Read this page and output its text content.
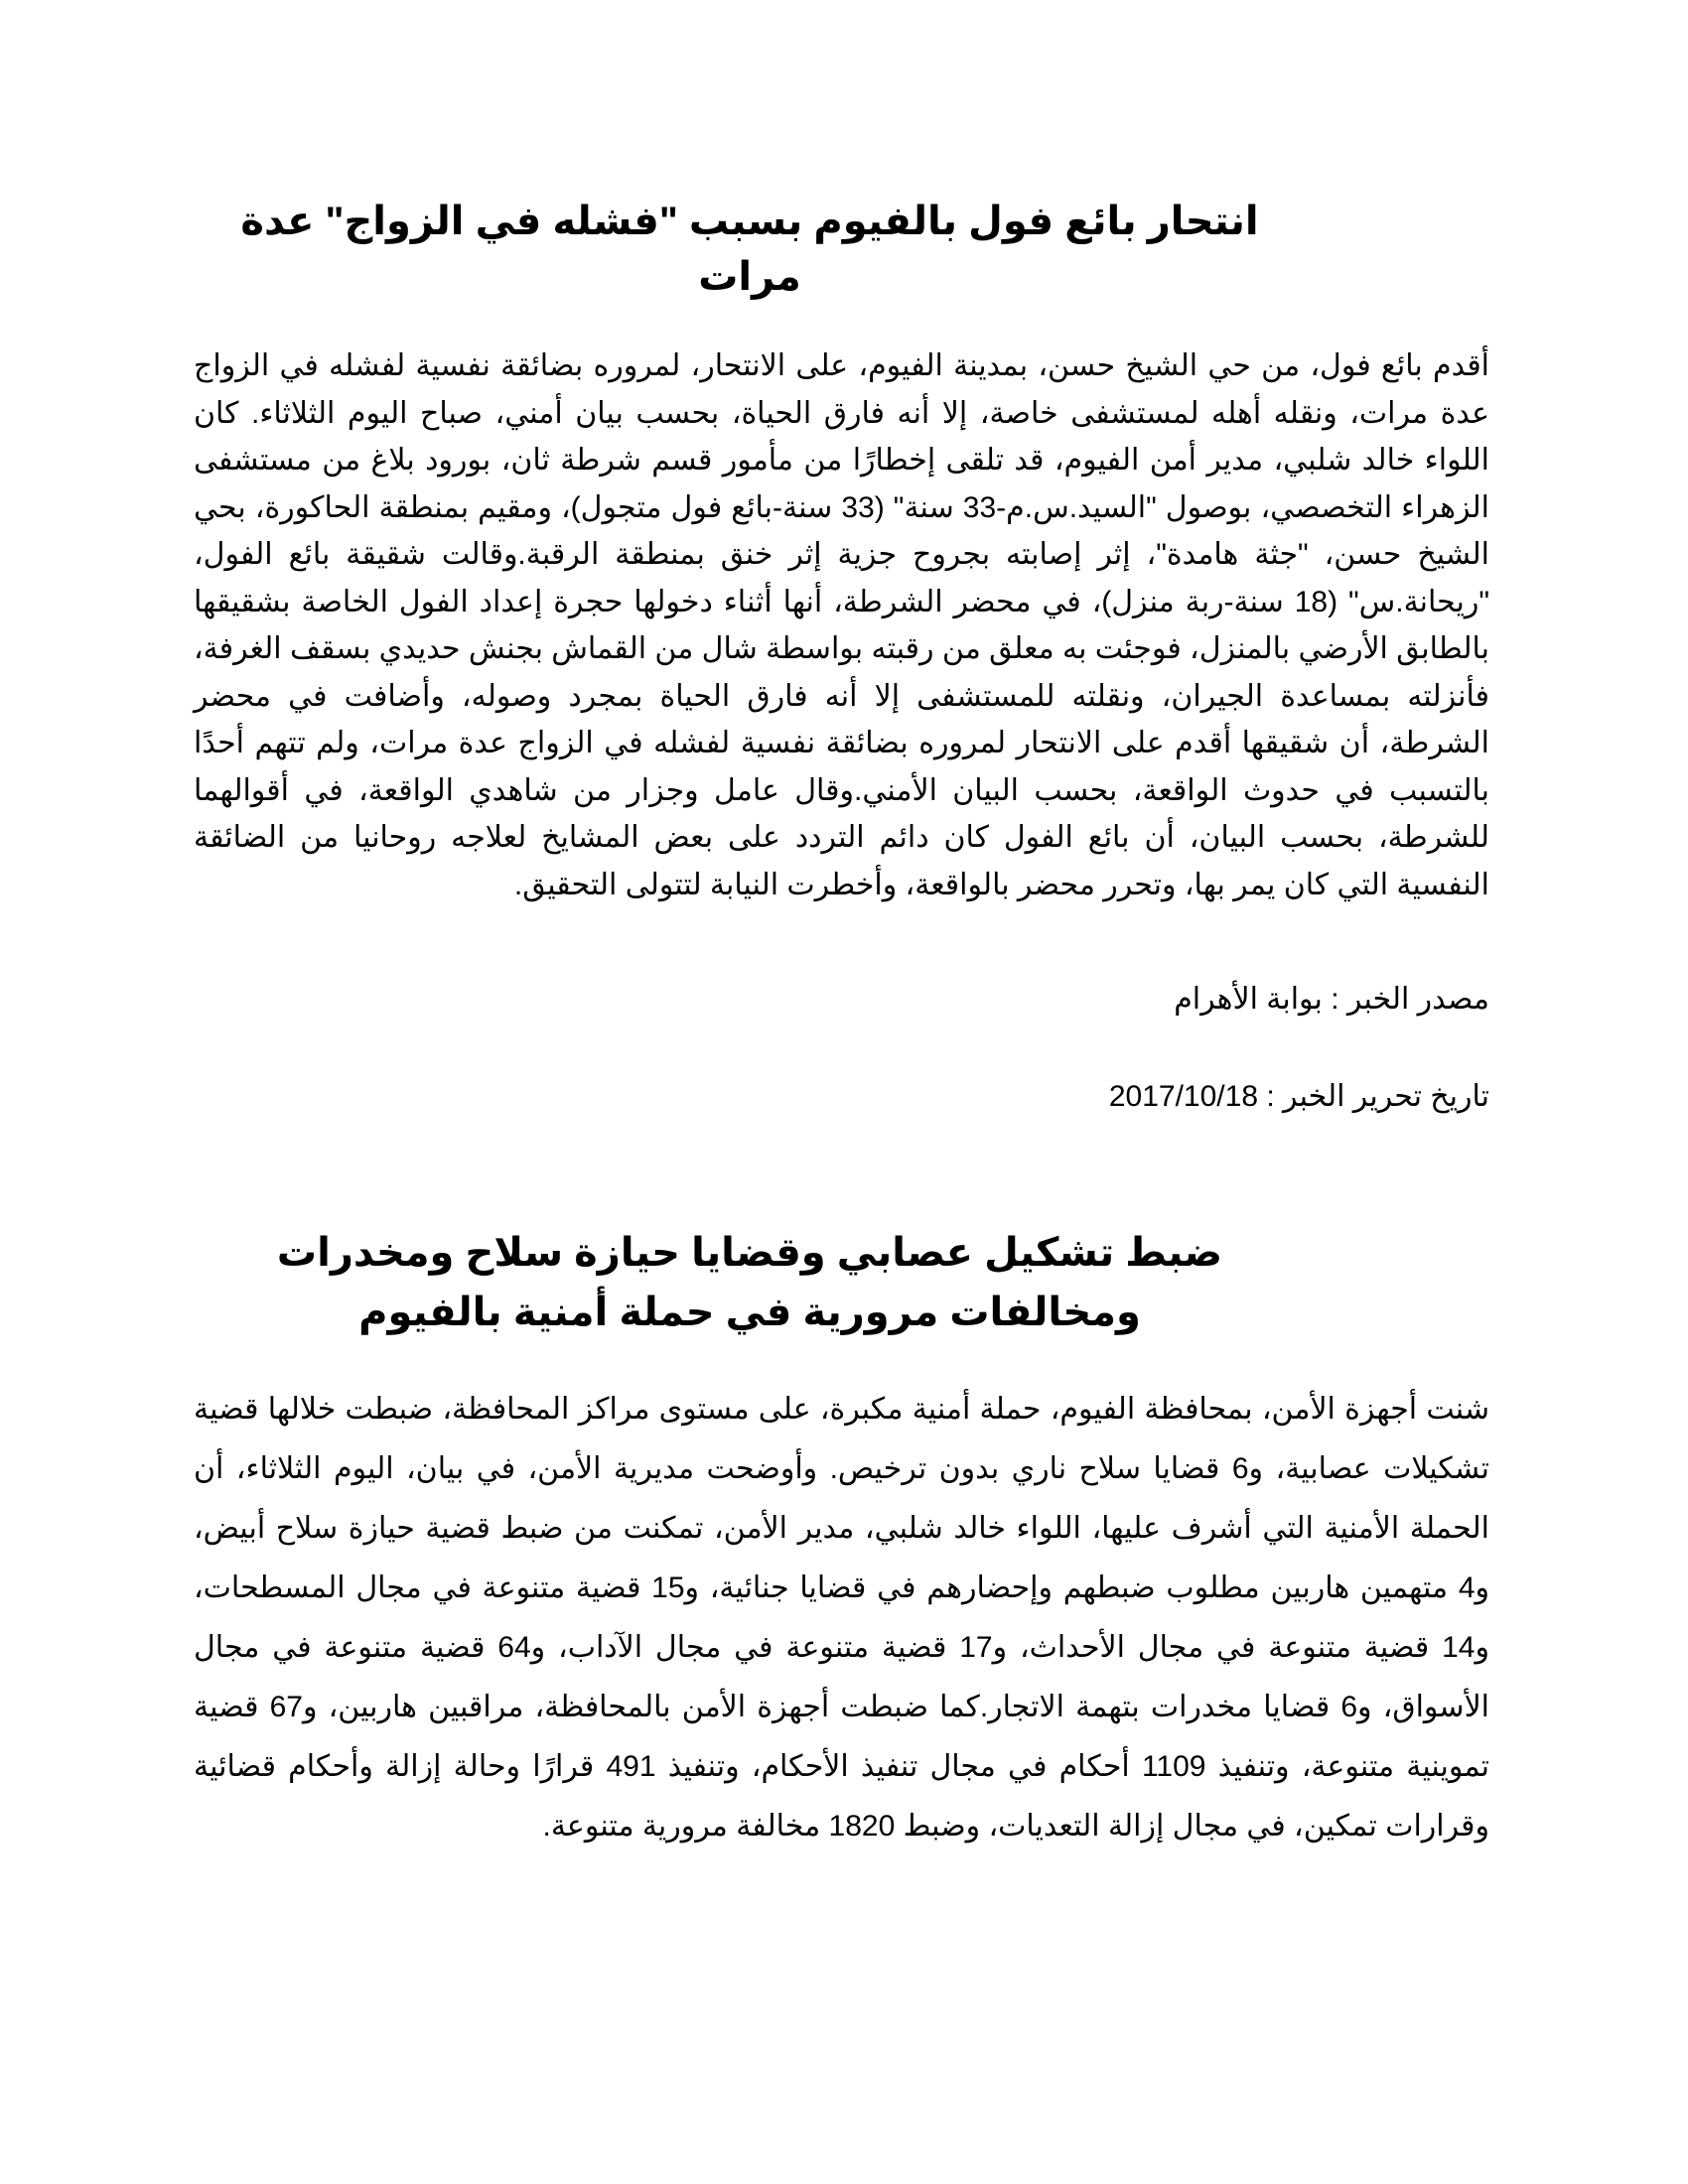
انتحار بائع فول بالفيوم بسبب "فشله في الزواج" عدة مرات

أقدم بائع فول، من حي الشيخ حسن، بمدينة الفيوم، على الانتحار، لمروره بضائقة نفسية لفشله في الزواج عدة مرات، ونقله أهله لمستشفى خاصة، إلا أنه فارق الحياة، بحسب بيان أمني، صباح اليوم الثلاثاء. كان اللواء خالد شلبي، مدير أمن الفيوم، قد تلقى إخطارًا من مأمور قسم شرطة ثان، بورود بلاغ من مستشفى الزهراء التخصصي، بوصول "السيد.س.م-33 سنة" (33 سنة-بائع فول متجول)، ومقيم بمنطقة الحاكورة، بحي الشيخ حسن، "جثة هامدة"، إثر إصابته بجروح جزية إثر خنق بمنطقة الرقبة.وقالت شقيقة بائع الفول، "ريحانة.س" (18 سنة-ربة منزل)، في محضر الشرطة، أنها أثناء دخولها حجرة إعداد الفول الخاصة بشقيقها بالطابق الأرضي بالمنزل، فوجئت به معلق من رقبته بواسطة شال من القماش بجنش حديدي بسقف الغرفة، فأنزلته بمساعدة الجيران، ونقلته للمستشفى إلا أنه فارق الحياة بمجرد وصوله، وأضافت في محضر الشرطة، أن شقيقها أقدم على الانتحار لمروره بضائقة نفسية لفشله في الزواج عدة مرات، ولم تتهم أحدًا بالتسبب في حدوث الواقعة، بحسب البيان الأمني.وقال عامل وجزار من شاهدي الواقعة، في أقوالهما للشرطة، بحسب البيان، أن بائع الفول كان دائم التردد على بعض المشايخ لعلاجه روحانيا من الضائقة النفسية التي كان يمر بها، وتحرر محضر بالواقعة، وأخطرت النيابة لتتولى التحقيق.

مصدر الخبر : بوابة الأهرام

تاريخ تحرير الخبر : 2017/10/18

ضبط تشكيل عصابي وقضايا حيازة سلاح ومخدرات ومخالفات مرورية في حملة أمنية بالفيوم

شنت أجهزة الأمن، بمحافظة الفيوم، حملة أمنية مكبرة، على مستوى مراكز المحافظة، ضبطت خلالها قضية تشكيلات عصابية، و6 قضايا سلاح ناري بدون ترخيص. وأوضحت مديرية الأمن، في بيان، اليوم الثلاثاء، أن الحملة الأمنية التي أشرف عليها، اللواء خالد شلبي، مدير الأمن، تمكنت من ضبط قضية حيازة سلاح أبيض، و4 متهمين هاربين مطلوب ضبطهم وإحضارهم في قضايا جنائية، و15 قضية متنوعة في مجال المسطحات، و14 قضية متنوعة في مجال الأحداث، و17 قضية متنوعة في مجال الآداب، و64 قضية متنوعة في مجال الأسواق، و6 قضايا مخدرات بتهمة الاتجار.كما ضبطت أجهزة الأمن بالمحافظة، مراقبين هاربين، و67 قضية تموينية متنوعة، وتنفيذ 1109 أحكام في مجال تنفيذ الأحكام، وتنفيذ 491 قرارًا وحالة إزالة وأحكام قضائية وقرارات تمكين، في مجال إزالة التعديات، وضبط 1820 مخالفة مرورية متنوعة.
